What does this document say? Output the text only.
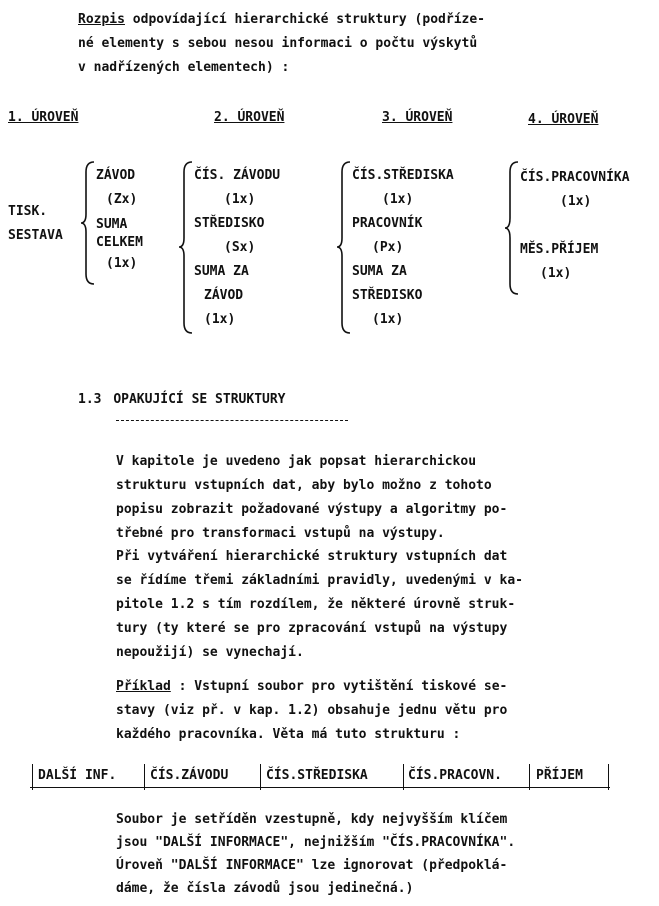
Rozpis odpovídající hierarchické struktury (podříze-
né elementy s sebou nesou informaci o počtu výskytů
v nadřízených elementech) :
1. ÚROVEŇ	2. ÚROVEŇ	3. ÚROVEŇ	4. ÚROVEŇ
TISK.
SESTAVA
ZÁVOD
(Zx)
SUMA
CELKEM
(1x)
ČÍS. ZÁVODU
(1x)
STŘEDISKO
(Sx)
SUMA ZA
ZÁVOD
(1x)
ČÍS.STŘEDISKA
(1x)
PRACOVNÍK
(Px)
SUMA ZA
STŘEDISKO
(1x)
ČÍS.PRACOVNÍKA
(1x)
MĚS.PŘÍJEM
(1x)
1.3 OPAKUJÍCÍ SE STRUKTURY
V kapitole je uvedeno jak popsat hierarchickou
strukturu vstupních dat, aby bylo možno z tohoto
popisu zobrazit požadované výstupy a algoritmy po-
třebné pro transformaci vstupů na výstupy.
Při vytváření hierarchické struktury vstupních dat
se řídíme třemi základními pravidly, uvedenými v ka-
pitole 1.2 s tím rozdílem, že některé úrovně struk-
tury (ty které se pro zpracování vstupů na výstupy
nepoužijí) se vynechají.
Příklad : Vstupní soubor pro vytištění tiskové se-
stavy (viz př. v kap. 1.2) obsahuje jednu větu pro
každého pracovníka. Věta má tuto strukturu :
DALŠÍ INF.	ČÍS.ZÁVODU	ČÍS.STŘEDISKA	ČÍS.PRACOVN.	PŘÍJEM
Soubor je setříděn vzestupně, kdy nejvyšším klíčem
jsou "DALŠÍ INFORMACE", nejnižším "ČÍS.PRACOVNÍKA".
Úroveň "DALŠÍ INFORMACE" lze ignorovat (předpoklá-
dáme, že čísla závodů jsou jedinečná.)
